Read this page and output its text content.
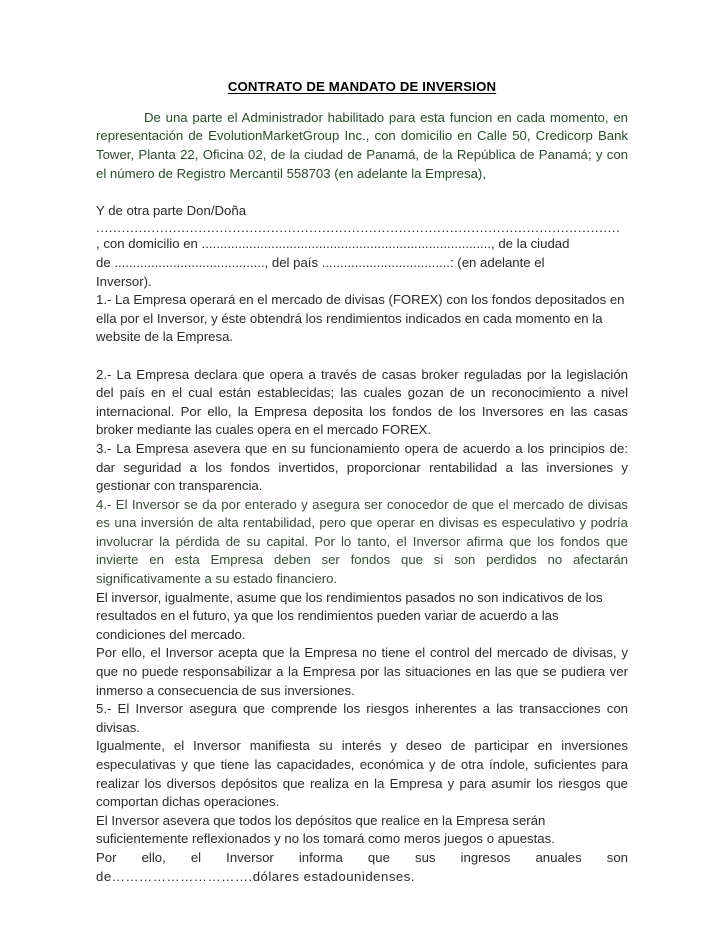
CONTRATO DE MANDATO DE INVERSION

De una parte el Administrador habilitado para esta funcion en cada momento, en representación de EvolutionMarketGroup Inc., con domicilio en Calle 50, Credicorp Bank Tower, Planta 22, Oficina 02, de la ciudad de Panamá, de la República de Panamá; y con el número de Registro Mercantil 558703 (en adelante la Empresa),

Y de otra parte Don/Doña

...........................................................................................................................

, con domicilio en ..............................................................................., de la ciudad

de ........................................., del país ...................................: (en adelante el

Inversor).

1.- La Empresa operará en el mercado de divisas (FOREX) con los fondos depositados en ella por el Inversor, y éste obtendrá los rendimientos indicados en cada momento en la website de la Empresa.

2.- La Empresa declara que opera a través de casas broker reguladas por la legislación del país en el cual están establecidas; las cuales gozan de un reconocimiento a nivel internacional. Por ello, la Empresa deposita los fondos de los Inversores en las casas broker mediante las cuales opera en el mercado FOREX.

3.- La Empresa asevera que en su funcionamiento opera de acuerdo a los principios de: dar seguridad a los fondos invertidos, proporcionar rentabilidad a las inversiones y gestionar con transparencia.

4.- El Inversor se da por enterado y asegura ser conocedor de que el mercado de divisas es una inversión de alta rentabilidad, pero que operar en divisas es especulativo y podría involucrar la pérdida de su capital. Por lo tanto, el Inversor afirma que los fondos que invierte en esta Empresa deben ser fondos que si son perdidos no afectarán significativamente a su estado financiero.

El inversor, igualmente, asume que los rendimientos pasados no son indicativos de los resultados en el futuro, ya que los rendimientos pueden variar de acuerdo a las condiciones del mercado.

Por ello, el Inversor acepta que la Empresa no tiene el control del mercado de divisas, y que no puede responsabilizar a la Empresa por las situaciones en las que se pudiera ver inmerso a consecuencia de sus inversiones.

5.- El Inversor asegura que comprende los riesgos inherentes a las transacciones con divisas.

Igualmente, el Inversor manifiesta su interés y deseo de participar en inversiones especulativas y que tiene las capacidades, económica y de otra índole, suficientes para realizar los diversos depósitos que realiza en la Empresa y para asumir los riesgos que comportan dichas operaciones.

El Inversor asevera que todos los depósitos que realice en la Empresa serán suficientemente reflexionados y no los tomará como meros juegos o apuestas.

Por ello, el Inversor informa que sus ingresos anuales son

de………………………….dólares estadounidenses.
